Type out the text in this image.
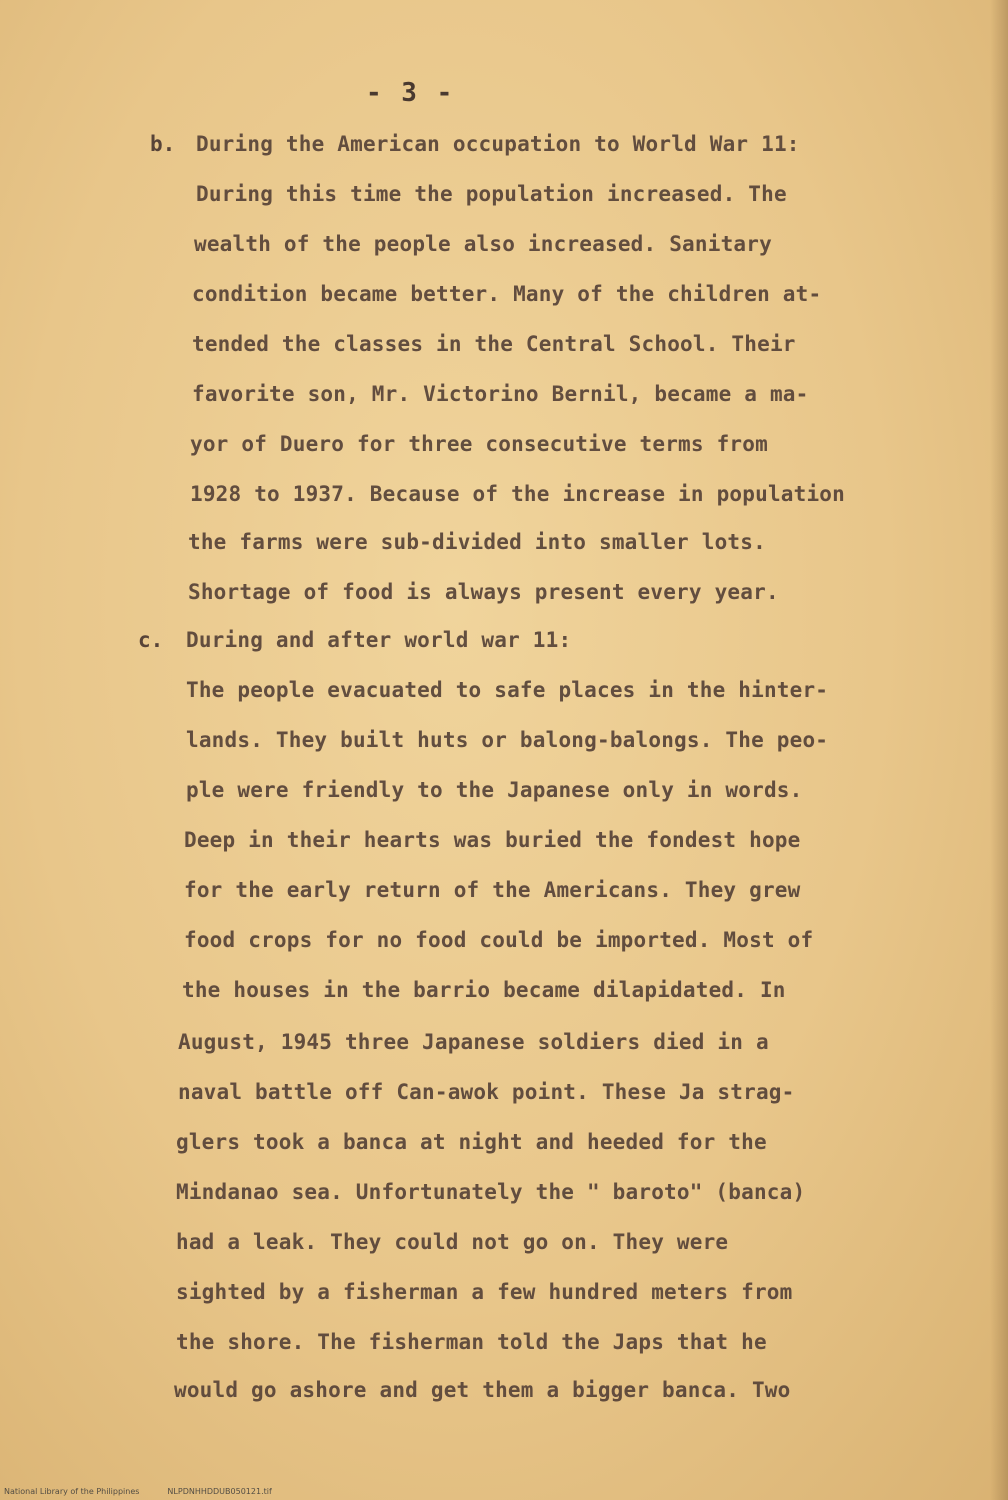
- 3 -
b. During the American occupation to World War 11:
During this time the population increased. The
wealth of the people also increased. Sanitary
condition became better. Many of the children at-
tended the classes in the Central School. Their
favorite son, Mr. Victorino Bernil, became a ma-
yor of Duero for three consecutive terms from
1928 to 1937. Because of the increase in population
the farms were sub-divided into smaller lots.
Shortage of food is always present every year.
c. During and after world war 11:
The people evacuated to safe places in the hinter-
lands. They built huts or balong-balongs. The peo-
ple were friendly to the Japanese only in words.
Deep in their hearts was buried the fondest hope
for the early return of the Americans. They grew
food crops for no food could be imported. Most of
the houses in the barrio became dilapidated. In
August, 1945 three Japanese soldiers died in a
naval battle off Can-awok point. These Ja strag-
glers took a banca at night and heeded for the
Mindanao sea. Unfortunately the " baroto" (banca)
had a leak. They could not go on. They were
sighted by a fisherman a few hundred meters from
the shore. The fisherman told the Japs that he
would go ashore and get them a bigger banca. Two
National Library of the Philippines	NLPDNHHDDUB050121.tif
